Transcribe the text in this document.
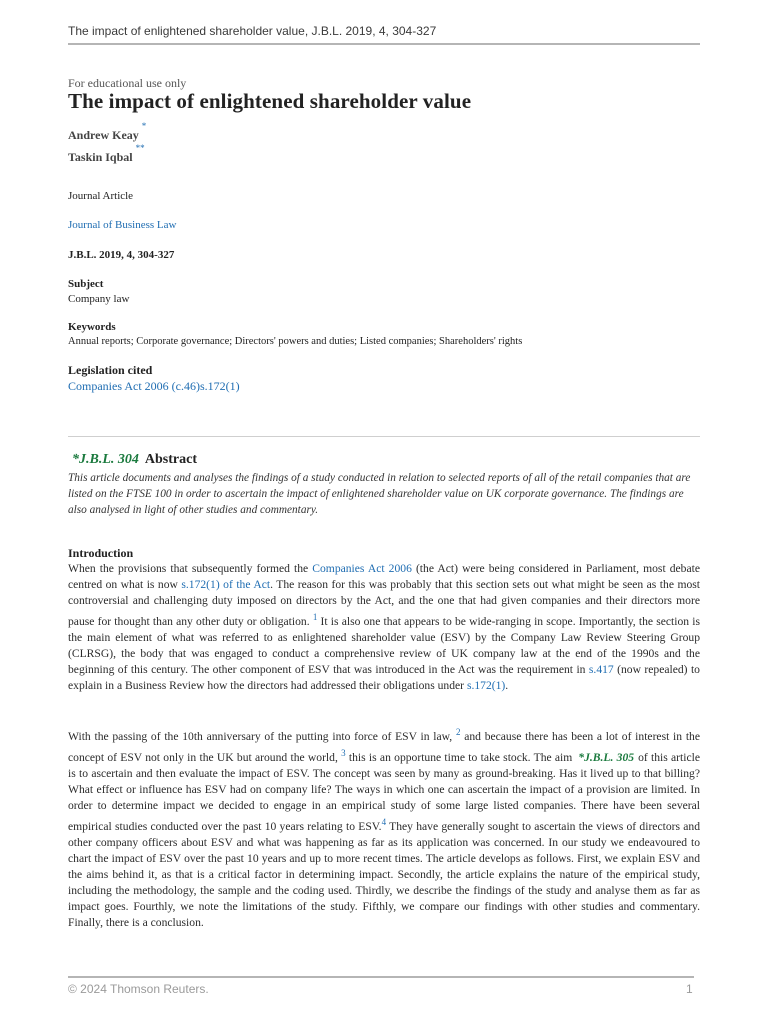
The impact of enlightened shareholder value, J.B.L. 2019, 4, 304-327
For educational use only
The impact of enlightened shareholder value
Andrew Keay*
Taskin Iqbal**
Journal Article
Journal of Business Law
J.B.L. 2019, 4, 304-327
Subject
Company law
Keywords
Annual reports; Corporate governance; Directors' powers and duties; Listed companies; Shareholders' rights
Legislation cited
Companies Act 2006 (c.46)s.172(1)
*J.B.L. 304 Abstract
This article documents and analyses the findings of a study conducted in relation to selected reports of all of the retail companies that are listed on the FTSE 100 in order to ascertain the impact of enlightened shareholder value on UK corporate governance. The findings are also analysed in light of other studies and commentary.
Introduction
When the provisions that subsequently formed the Companies Act 2006 (the Act) were being considered in Parliament, most debate centred on what is now s.172(1) of the Act. The reason for this was probably that this section sets out what might be seen as the most controversial and challenging duty imposed on directors by the Act, and the one that had given companies and their directors more pause for thought than any other duty or obligation. $^1$ It is also one that appears to be wide-ranging in scope. Importantly, the section is the main element of what was referred to as enlightened shareholder value (ESV) by the Company Law Review Steering Group (CLRSG), the body that was engaged to conduct a comprehensive review of UK company law at the end of the 1990s and the beginning of this century. The other component of ESV that was introduced in the Act was the requirement in s.417 (now repealed) to explain in a Business Review how the directors had addressed their obligations under s.172(1).
With the passing of the 10th anniversary of the putting into force of ESV in law, $^2$ and because there has been a lot of interest in the concept of ESV not only in the UK but around the world, $^3$ this is an opportune time to take stock. The aim *J.B.L. 305 of this article is to ascertain and then evaluate the impact of ESV. The concept was seen by many as ground-breaking. Has it lived up to that billing? What effect or influence has ESV had on company life? The ways in which one can ascertain the impact of a provision are limited. In order to determine impact we decided to engage in an empirical study of some large listed companies. There have been several empirical studies conducted over the past 10 years relating to ESV.$^4$ They have generally sought to ascertain the views of directors and other company officers about ESV and what was happening as far as its application was concerned. In our study we endeavoured to chart the impact of ESV over the past 10 years and up to more recent times. The article develops as follows. First, we explain ESV and the aims behind it, as that is a critical factor in determining impact. Secondly, the article explains the nature of the empirical study, including the methodology, the sample and the coding used. Thirdly, we describe the findings of the study and analyse them as far as impact goes. Fourthly, we note the limitations of the study. Fifthly, we compare our findings with other studies and commentary. Finally, there is a conclusion.
© 2024 Thomson Reuters.	1
